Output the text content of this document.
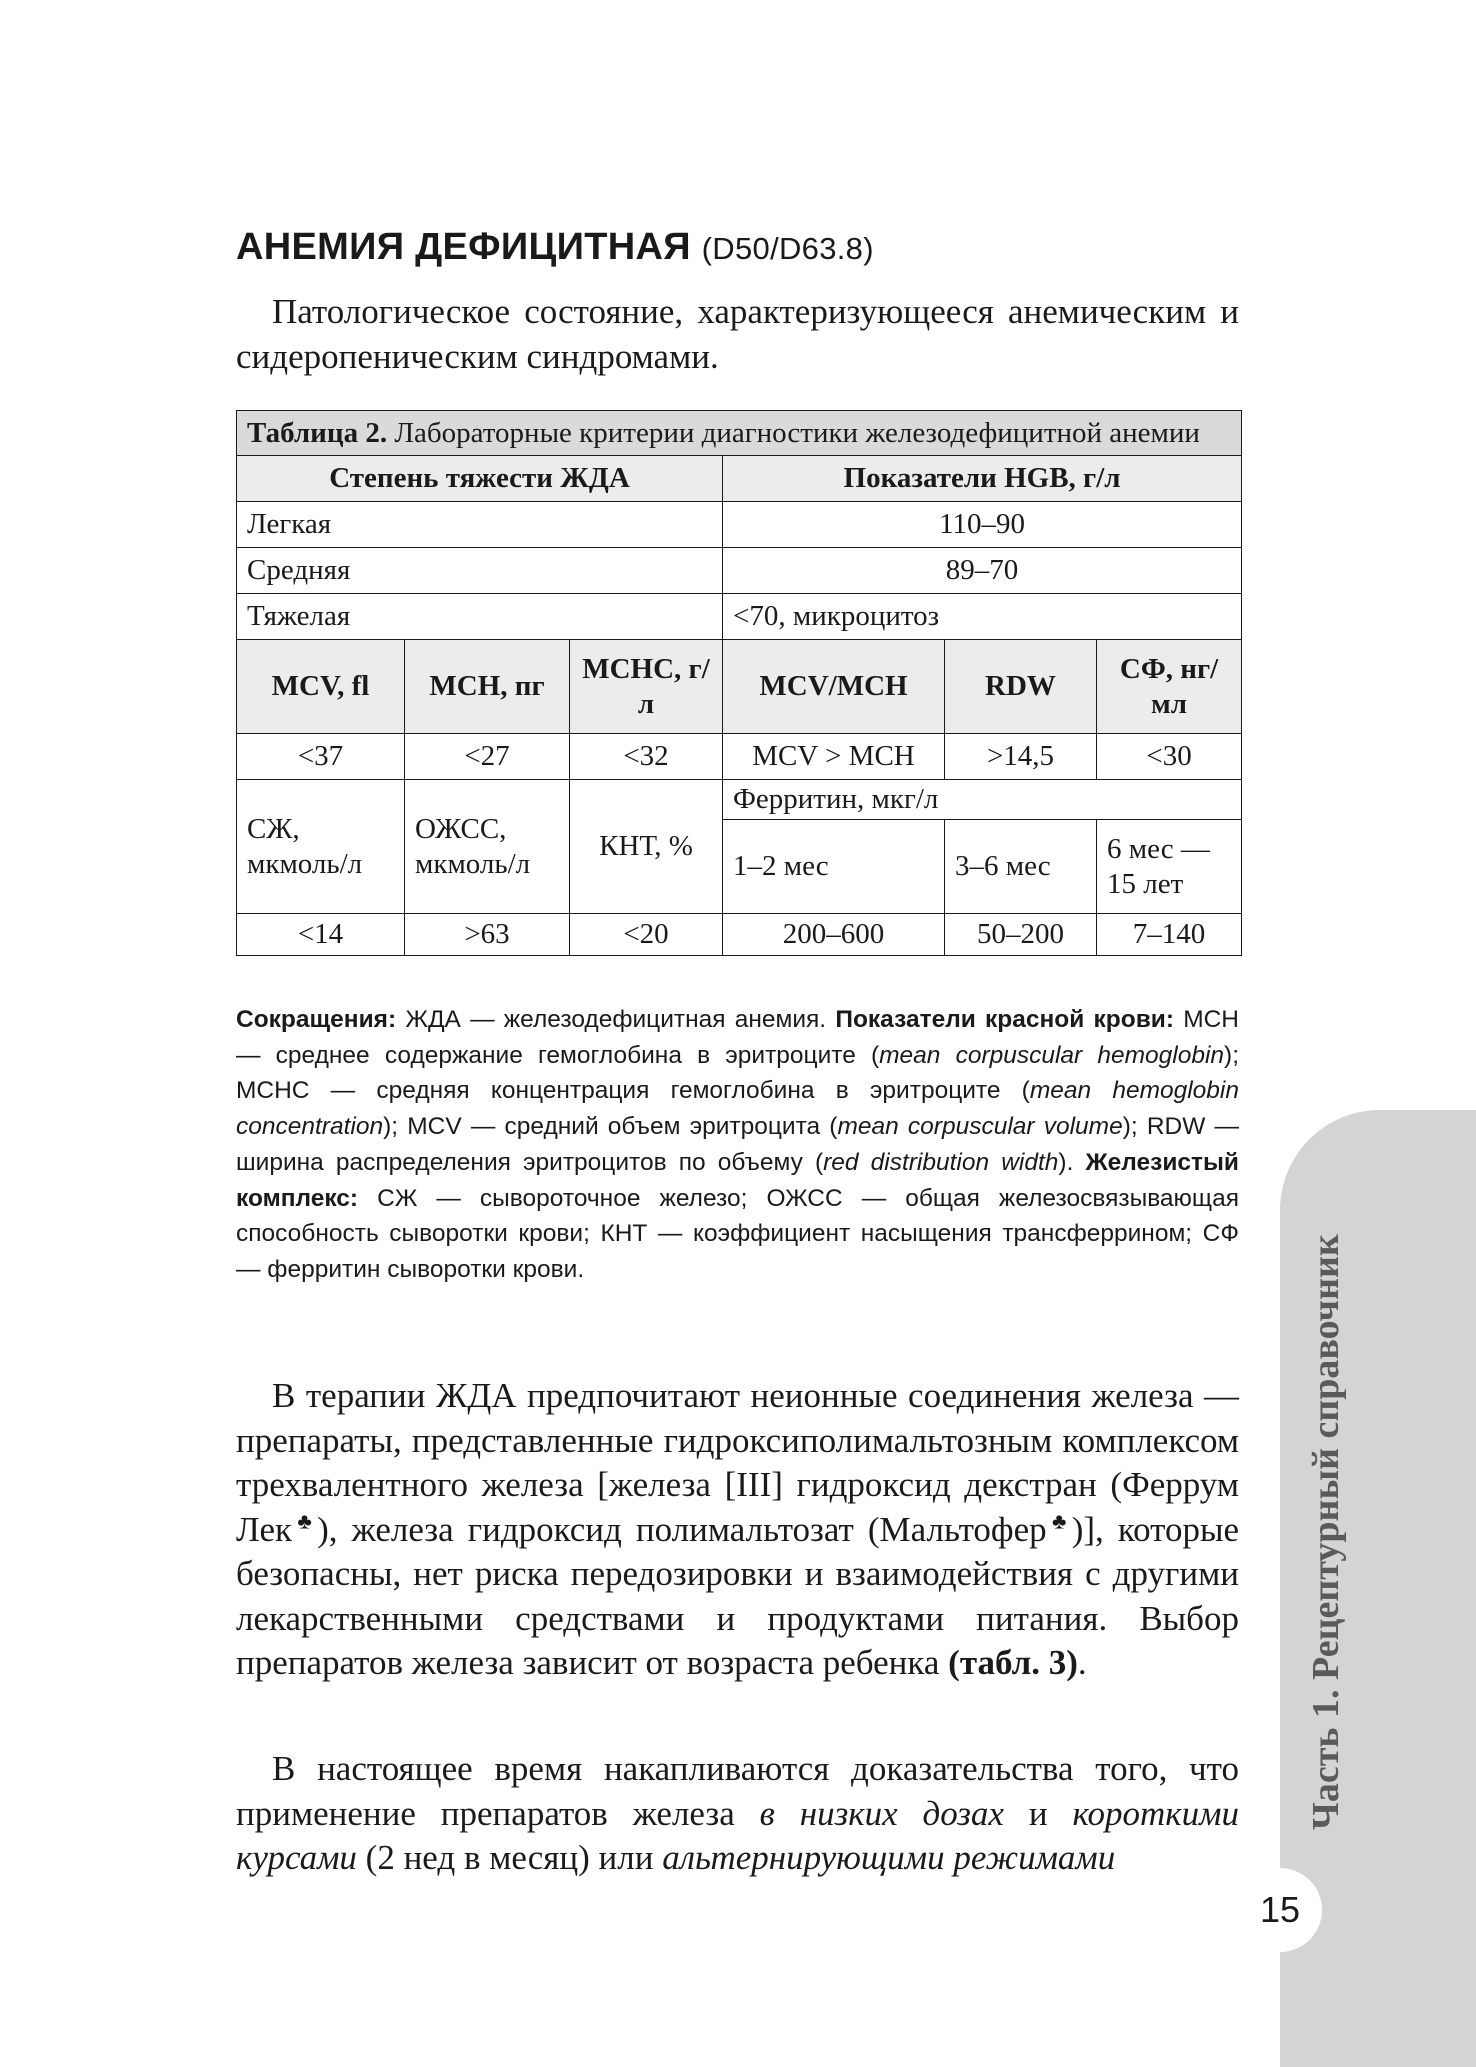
АНЕМИЯ ДЕФИЦИТНАЯ (D50/D63.8)
Патологическое состояние, характеризующееся анемическим и сидеропеническим синдромами.
Таблица 2. Лабораторные критерии диагностики железодефицитной анемии					
Степень тяжести ЖДА			Показатели HGB, г/л		
Легкая			110–90		
Средняя			89–70		
Тяжелая			<70, микроцитоз		
MCV, fl	MCH, пг	MCHC, г/л	MCV/MCH	RDW	СФ, нг/мл
<37	<27	<32	MCV > MCH	>14,5	<30
СЖ, мкмоль/л	ОЖСС, мкмоль/л	КНТ, %	Ферритин, мкг/л		
			1–2 мес	3–6 мес	6 мес — 15 лет
<14	>63	<20	200–600	50–200	7–140
Сокращения: ЖДА — железодефицитная анемия. Показатели красной крови: МСН — среднее содержание гемоглобина в эритроците (mean corpuscular hemoglobin); МСНС — средняя концентрация гемоглобина в эритроците (mean hemoglobin concentration); MCV — средний объем эритроцита (mean corpuscular volume); RDW — ширина распределения эритроцитов по объему (red distribution width). Железистый комплекс: СЖ — сывороточное железо; ОЖСС — общая железосвязывающая способность сыворотки крови; КНТ — коэффициент насыщения трансферрином; СФ — ферритин сыворотки крови.
В терапии ЖДА предпочитают неионные соединения железа — препараты, представленные гидроксиполимальтозным комплексом трехвалентного железа [железа [III] гидроксид декстран (Феррум Лек♣), железа гидроксид полимальтозат (Мальтофер♣)], которые безопасны, нет риска передозировки и взаимодействия с другими лекарственными средствами и продуктами питания. Выбор препаратов железа зависит от возраста ребенка (табл. 3).
В настоящее время накапливаются доказательства того, что применение препаратов железа в низких дозах и короткими курсами (2 нед в месяц) или альтернирующими режимами
Часть 1. Рецептурный справочник
15
